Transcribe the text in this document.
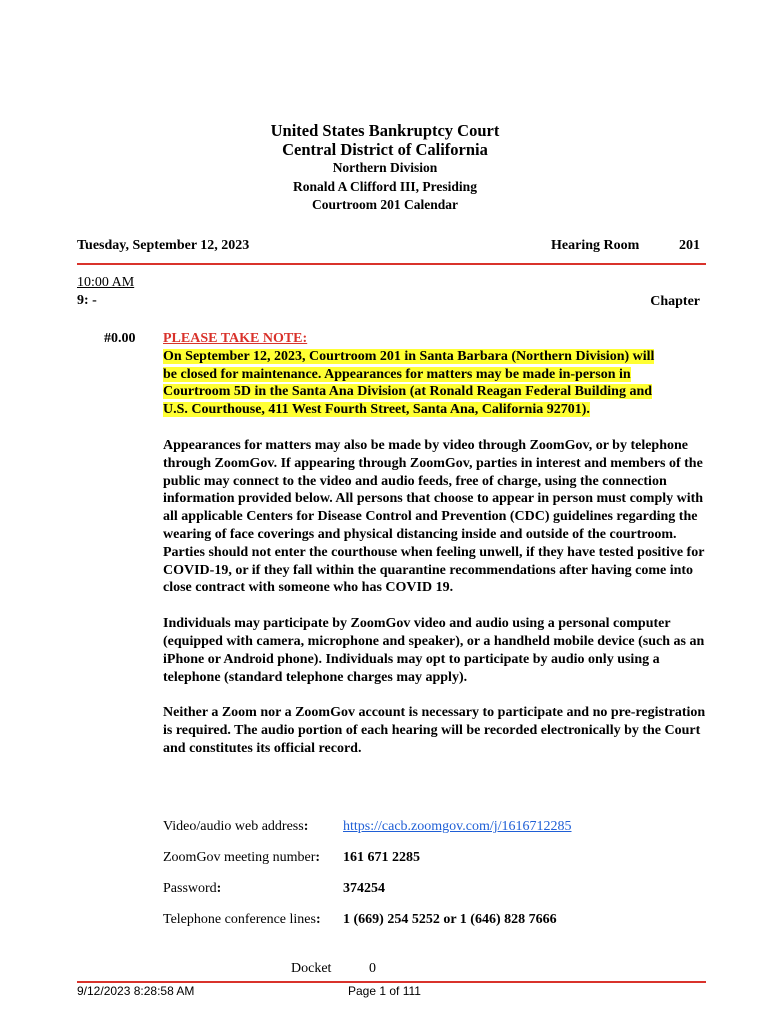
United States Bankruptcy Court
Central District of California
Northern Division
Ronald A Clifford III, Presiding
Courtroom 201 Calendar
Tuesday, September 12, 2023	Hearing Room	201
10:00 AM
9: -	Chapter
#0.00 PLEASE TAKE NOTE:
On September 12, 2023, Courtroom 201 in Santa Barbara (Northern Division) will
be closed for maintenance. Appearances for matters may be made in-person in
Courtroom 5D in the Santa Ana Division (at Ronald Reagan Federal Building and
U.S. Courthouse, 411 West Fourth Street, Santa Ana, California 92701).

Appearances for matters may also be made by video through ZoomGov, or by telephone through ZoomGov. If appearing through ZoomGov, parties in interest and members of the public may connect to the video and audio feeds, free of charge, using the connection information provided below. All persons that choose to appear in person must comply with all applicable Centers for Disease Control and Prevention (CDC) guidelines regarding the wearing of face coverings and physical distancing inside and outside of the courtroom. Parties should not enter the courthouse when feeling unwell, if they have tested positive for COVID-19, or if they fall within the quarantine recommendations after having come into close contract with someone who has COVID 19.

Individuals may participate by ZoomGov video and audio using a personal computer (equipped with camera, microphone and speaker), or a handheld mobile device (such as an iPhone or Android phone). Individuals may opt to participate by audio only using a telephone (standard telephone charges may apply).

Neither a Zoom nor a ZoomGov account is necessary to participate and no pre-registration is required. The audio portion of each hearing will be recorded electronically by the Court and constitutes its official record.

Video/audio web address: https://cacb.zoomgov.com/j/1616712285
ZoomGov meeting number: 161 671 2285
Password:	374254
Telephone conference lines: 1 (669) 254 5252 or 1 (646) 828 7666
Docket	0
9/12/2023 8:28:58 AM	Page 1 of 111
